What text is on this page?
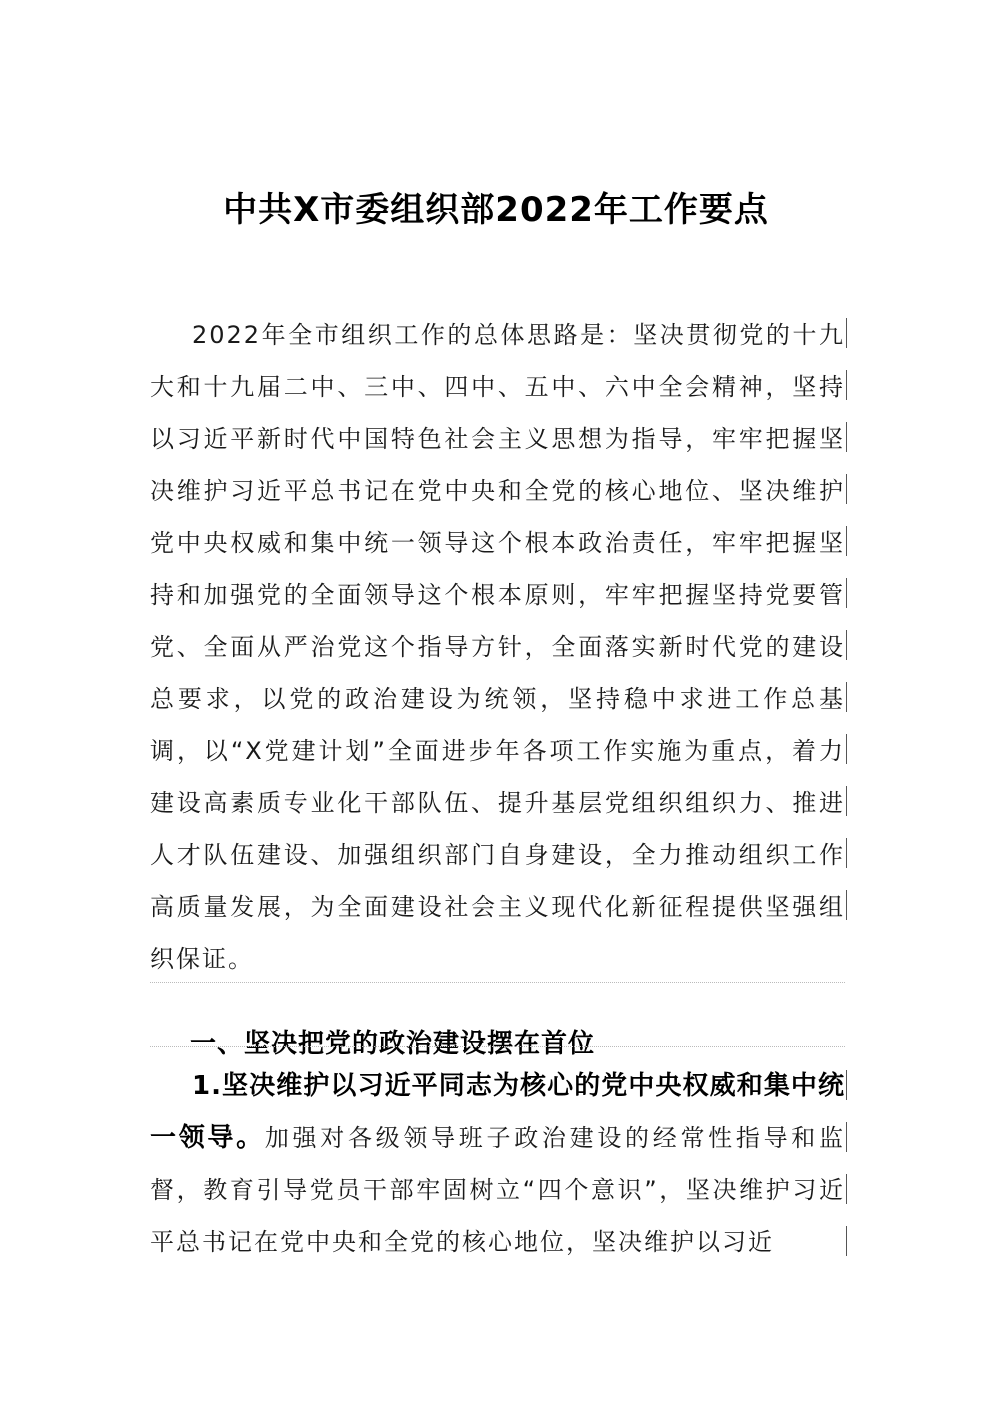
中共X市委组织部2022年工作要点

2022年全市组织工作的总体思路是：坚决贯彻党的十九大和十九届二中、三中、四中、五中、六中全会精神，坚持以习近平新时代中国特色社会主义思想为指导，牢牢把握坚决维护习近平总书记在党中央和全党的核心地位、坚决维护党中央权威和集中统一领导这个根本政治责任，牢牢把握坚持和加强党的全面领导这个根本原则，牢牢把握坚持党要管党、全面从严治党这个指导方针，全面落实新时代党的建设总要求，以党的政治建设为统领，坚持稳中求进工作总基调，以“X党建计划”全面进步年各项工作实施为重点，着力建设高素质专业化干部队伍、提升基层党组织组织力、推进人才队伍建设、加强组织部门自身建设，全力推动组织工作高质量发展，为全面建设社会主义现代化新征程提供坚强组织保证。

一、坚决把党的政治建设摆在首位

1.坚决维护以习近平同志为核心的党中央权威和集中统一领导。加强对各级领导班子政治建设的经常性指导和监督，教育引导党员干部牢固树立“四个意识”，坚决维护习近平总书记在党中央和全党的核心地位，坚决维护以习近
